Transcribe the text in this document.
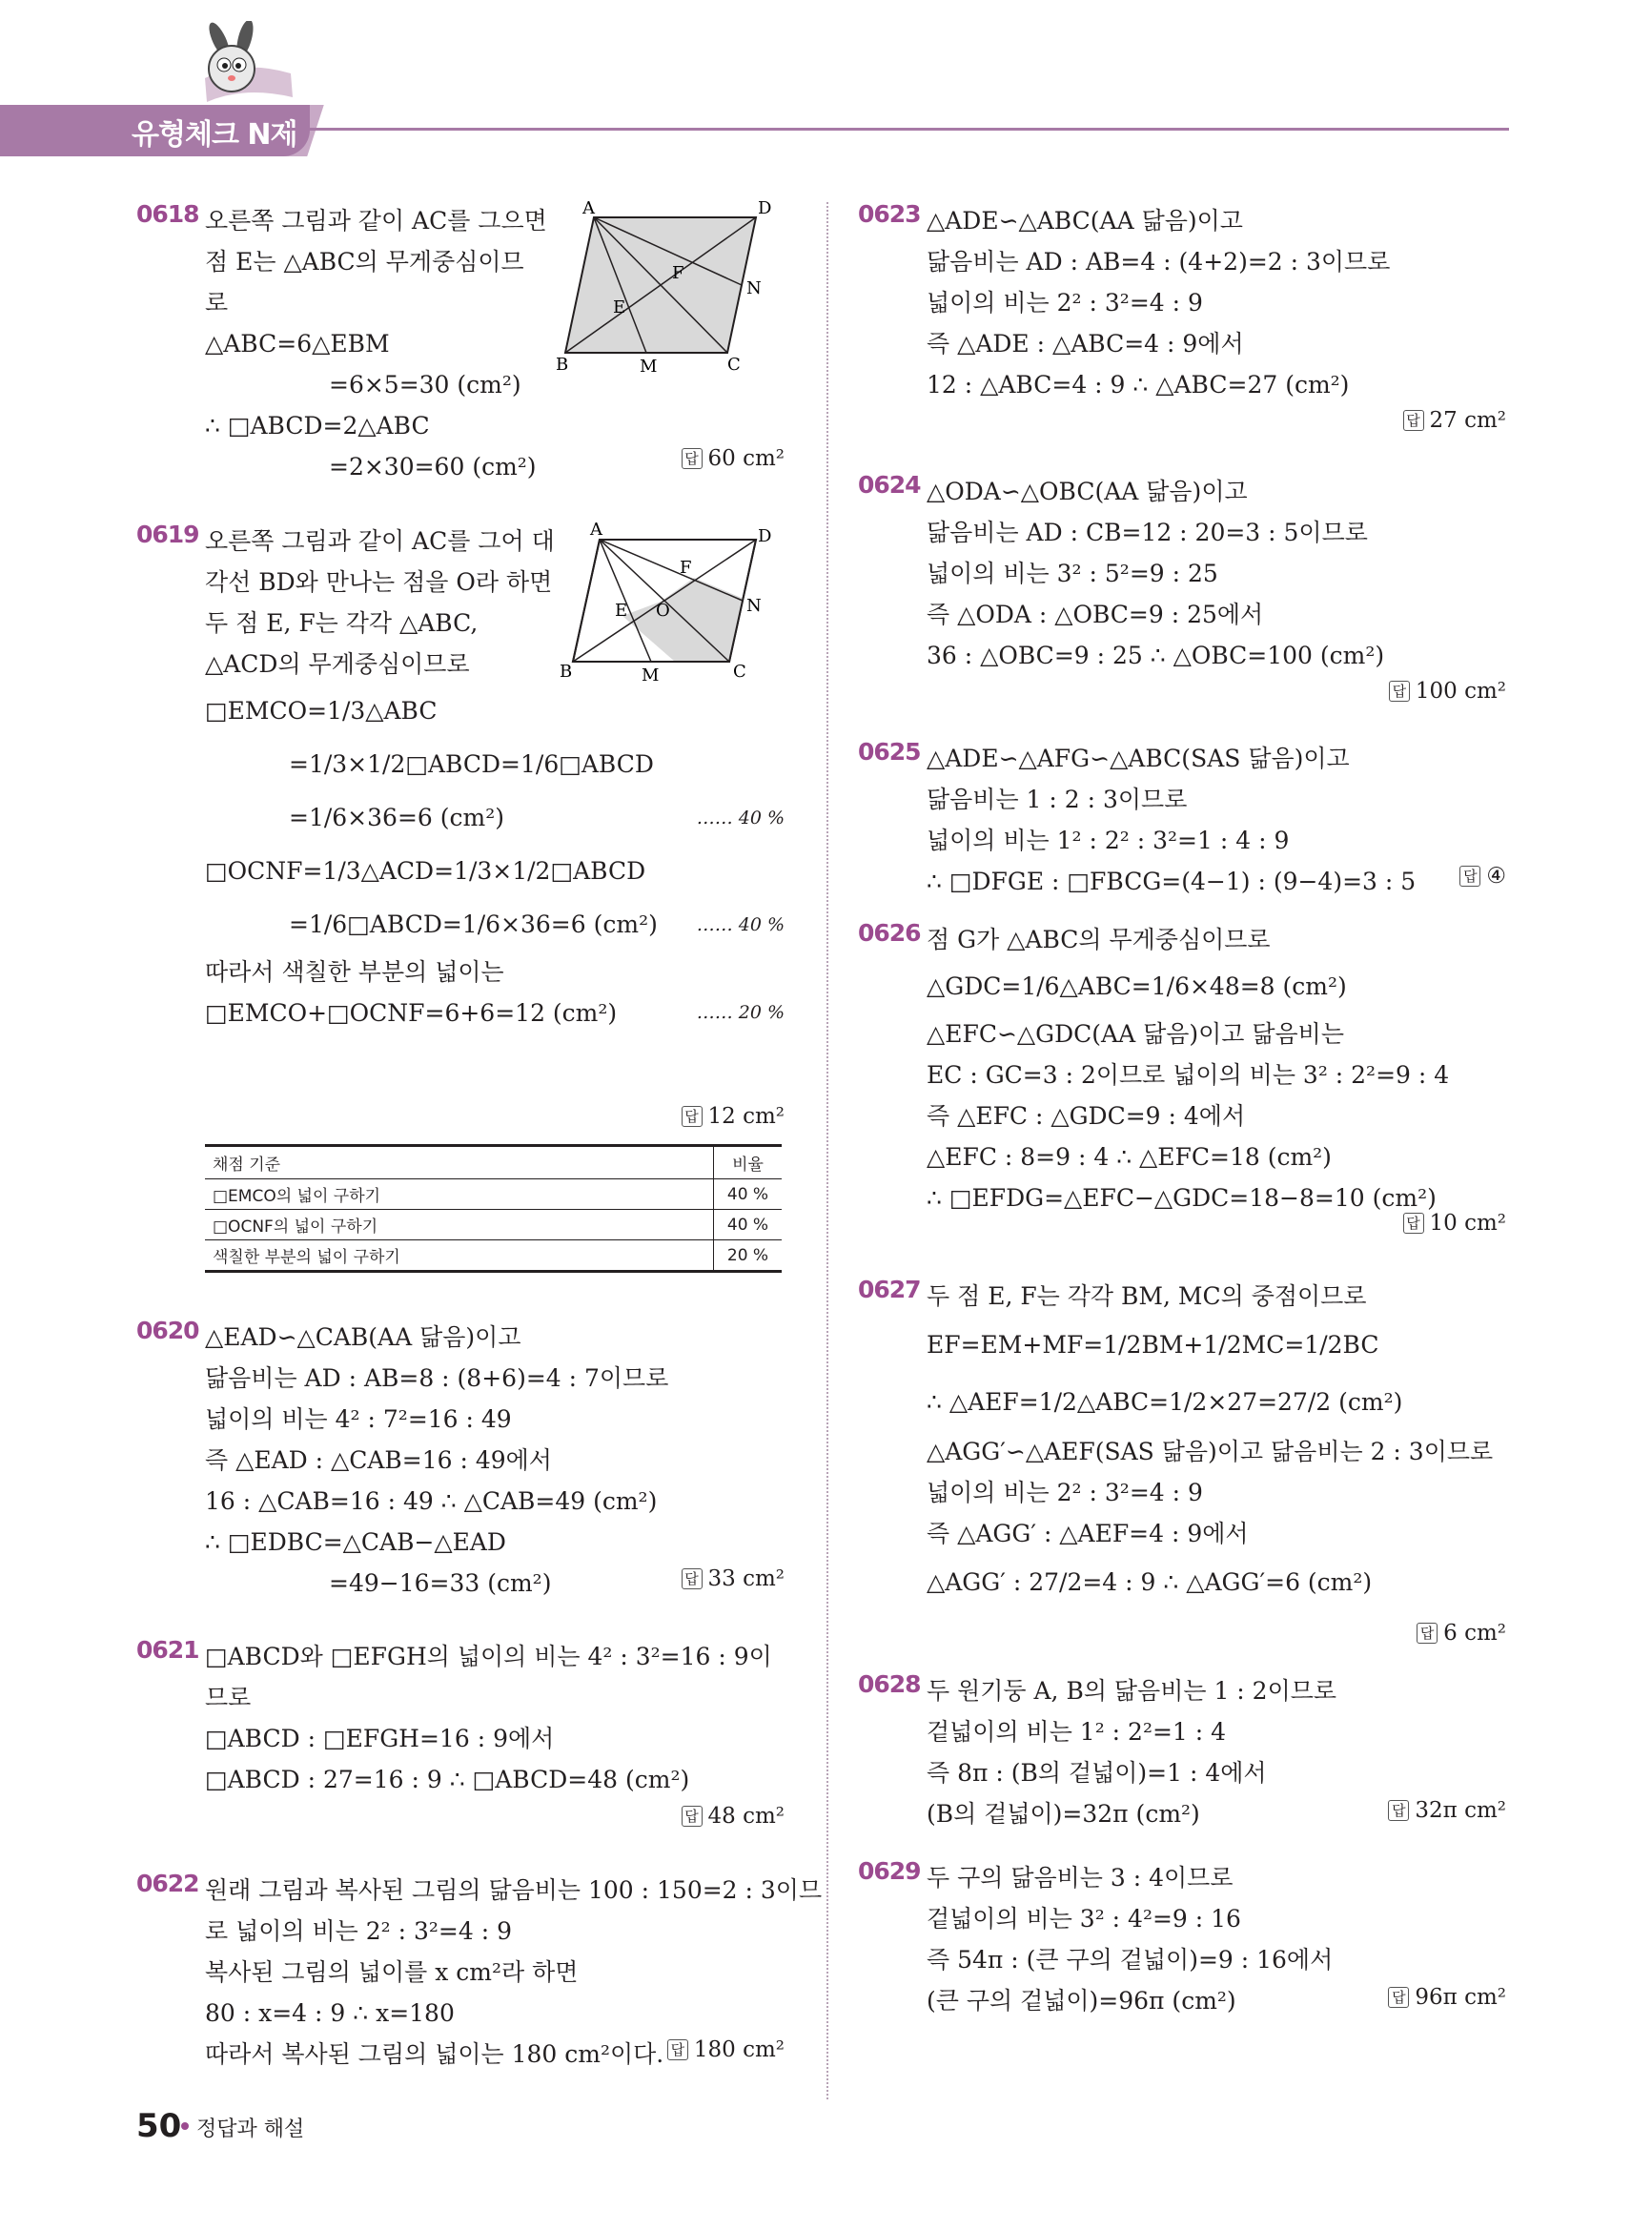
유형체크 N제
0618	A	D
B	C
E
F
M
N
오른쪽 그림과 같이 AC를 그으면
점 E는 △ABC의 무게중심이므
로
△ABC=6△EBM
=6×5=30 (cm²)
∴ □ABCD=2△ABC
=2×30=60 (cm²)	답 60 cm²
0619	A	D
B	C
E
F
O
M
N
오른쪽 그림과 같이 AC를 그어 대
각선 BD와 만나는 점을 O라 하면
두 점 E, F는 각각 △ABC,
△ACD의 무게중심이므로
□EMCO=1/3△ABC
=1/3×1/2□ABCD=1/6□ABCD
=1/6×36=6 (cm²)	…… 40 %
□OCNF=1/3△ACD=1/3×1/2□ABCD
=1/6□ABCD=1/6×36=6 (cm²) …… 40 %
따라서 색칠한 부분의 넓이는
□EMCO+□OCNF=6+6=12 (cm²)	…… 20 %
답 12 cm²
채점 기준	비율
□EMCO의 넓이 구하기	40 %
□OCNF의 넓이 구하기	40 %
색칠한 부분의 넓이 구하기	20 %
0620 △EAD∽△CAB(AA 닮음)이고
닮음비는 AD : AB=8 : (8+6)=4 : 7이므로
넓이의 비는 4² : 7²=16 : 49
즉 △EAD : △CAB=16 : 49에서
16 : △CAB=16 : 49 ∴ △CAB=49 (cm²)
∴ □EDBC=△CAB−△EAD
=49−16=33 (cm²)	답 33 cm²
0621 □ABCD와 □EFGH의 넓이의 비는 4² : 3²=16 : 9이
므로
□ABCD : □EFGH=16 : 9에서
□ABCD : 27=16 : 9 ∴ □ABCD=48 (cm²)
답 48 cm²
0622 원래 그림과 복사된 그림의 닮음비는 100 : 150=2 : 3이므
로 넓이의 비는 2² : 3²=4 : 9
복사된 그림의 넓이를 x cm²라 하면
80 : x=4 : 9 ∴ x=180
따라서 복사된 그림의 넓이는 180 cm²이다. 답 180 cm²
0623 △ADE∽△ABC(AA 닮음)이고
닮음비는 AD : AB=4 : (4+2)=2 : 3이므로
넓이의 비는 2² : 3²=4 : 9
즉 △ADE : △ABC=4 : 9에서
12 : △ABC=4 : 9 ∴ △ABC=27 (cm²)
답 27 cm²
0624 △ODA∽△OBC(AA 닮음)이고
닮음비는 AD : CB=12 : 20=3 : 5이므로
넓이의 비는 3² : 5²=9 : 25
즉 △ODA : △OBC=9 : 25에서
36 : △OBC=9 : 25 ∴ △OBC=100 (cm²)
답 100 cm²
0625 △ADE∽△AFG∽△ABC(SAS 닮음)이고
닮음비는 1 : 2 : 3이므로
넓이의 비는 1² : 2² : 3²=1 : 4 : 9
∴ □DFGE : □FBCG=(4−1) : (9−4)=3 : 5	답 ④
0626 점 G가 △ABC의 무게중심이므로
△GDC=1/6△ABC=1/6×48=8 (cm²)
△EFC∽△GDC(AA 닮음)이고 닮음비는
EC : GC=3 : 2이므로 넓이의 비는 3² : 2²=9 : 4
즉 △EFC : △GDC=9 : 4에서
△EFC : 8=9 : 4 ∴ △EFC=18 (cm²)
∴ □EFDG=△EFC−△GDC=18−8=10 (cm²)
답 10 cm²
0627 두 점 E, F는 각각 BM, MC의 중점이므로
EF=EM+MF=1/2BM+1/2MC=1/2BC
∴ △AEF=1/2△ABC=1/2×27=27/2 (cm²)
△AGG′∽△AEF(SAS 닮음)이고 닮음비는 2 : 3이므로
넓이의 비는 2² : 3²=4 : 9
즉 △AGG′ : △AEF=4 : 9에서
△AGG′ : 27/2=4 : 9 ∴ △AGG′=6 (cm²)
답 6 cm²
0628 두 원기둥 A, B의 닮음비는 1 : 2이므로
겉넓이의 비는 1² : 2²=1 : 4
즉 8π : (B의 겉넓이)=1 : 4에서
(B의 겉넓이)=32π (cm²)	답 32π cm²
0629 두 구의 닮음비는 3 : 4이므로
겉넓이의 비는 3² : 4²=9 : 16
즉 54π : (큰 구의 겉넓이)=9 : 16에서
(큰 구의 겉넓이)=96π (cm²)	답 96π cm²
50 정답과 해설
